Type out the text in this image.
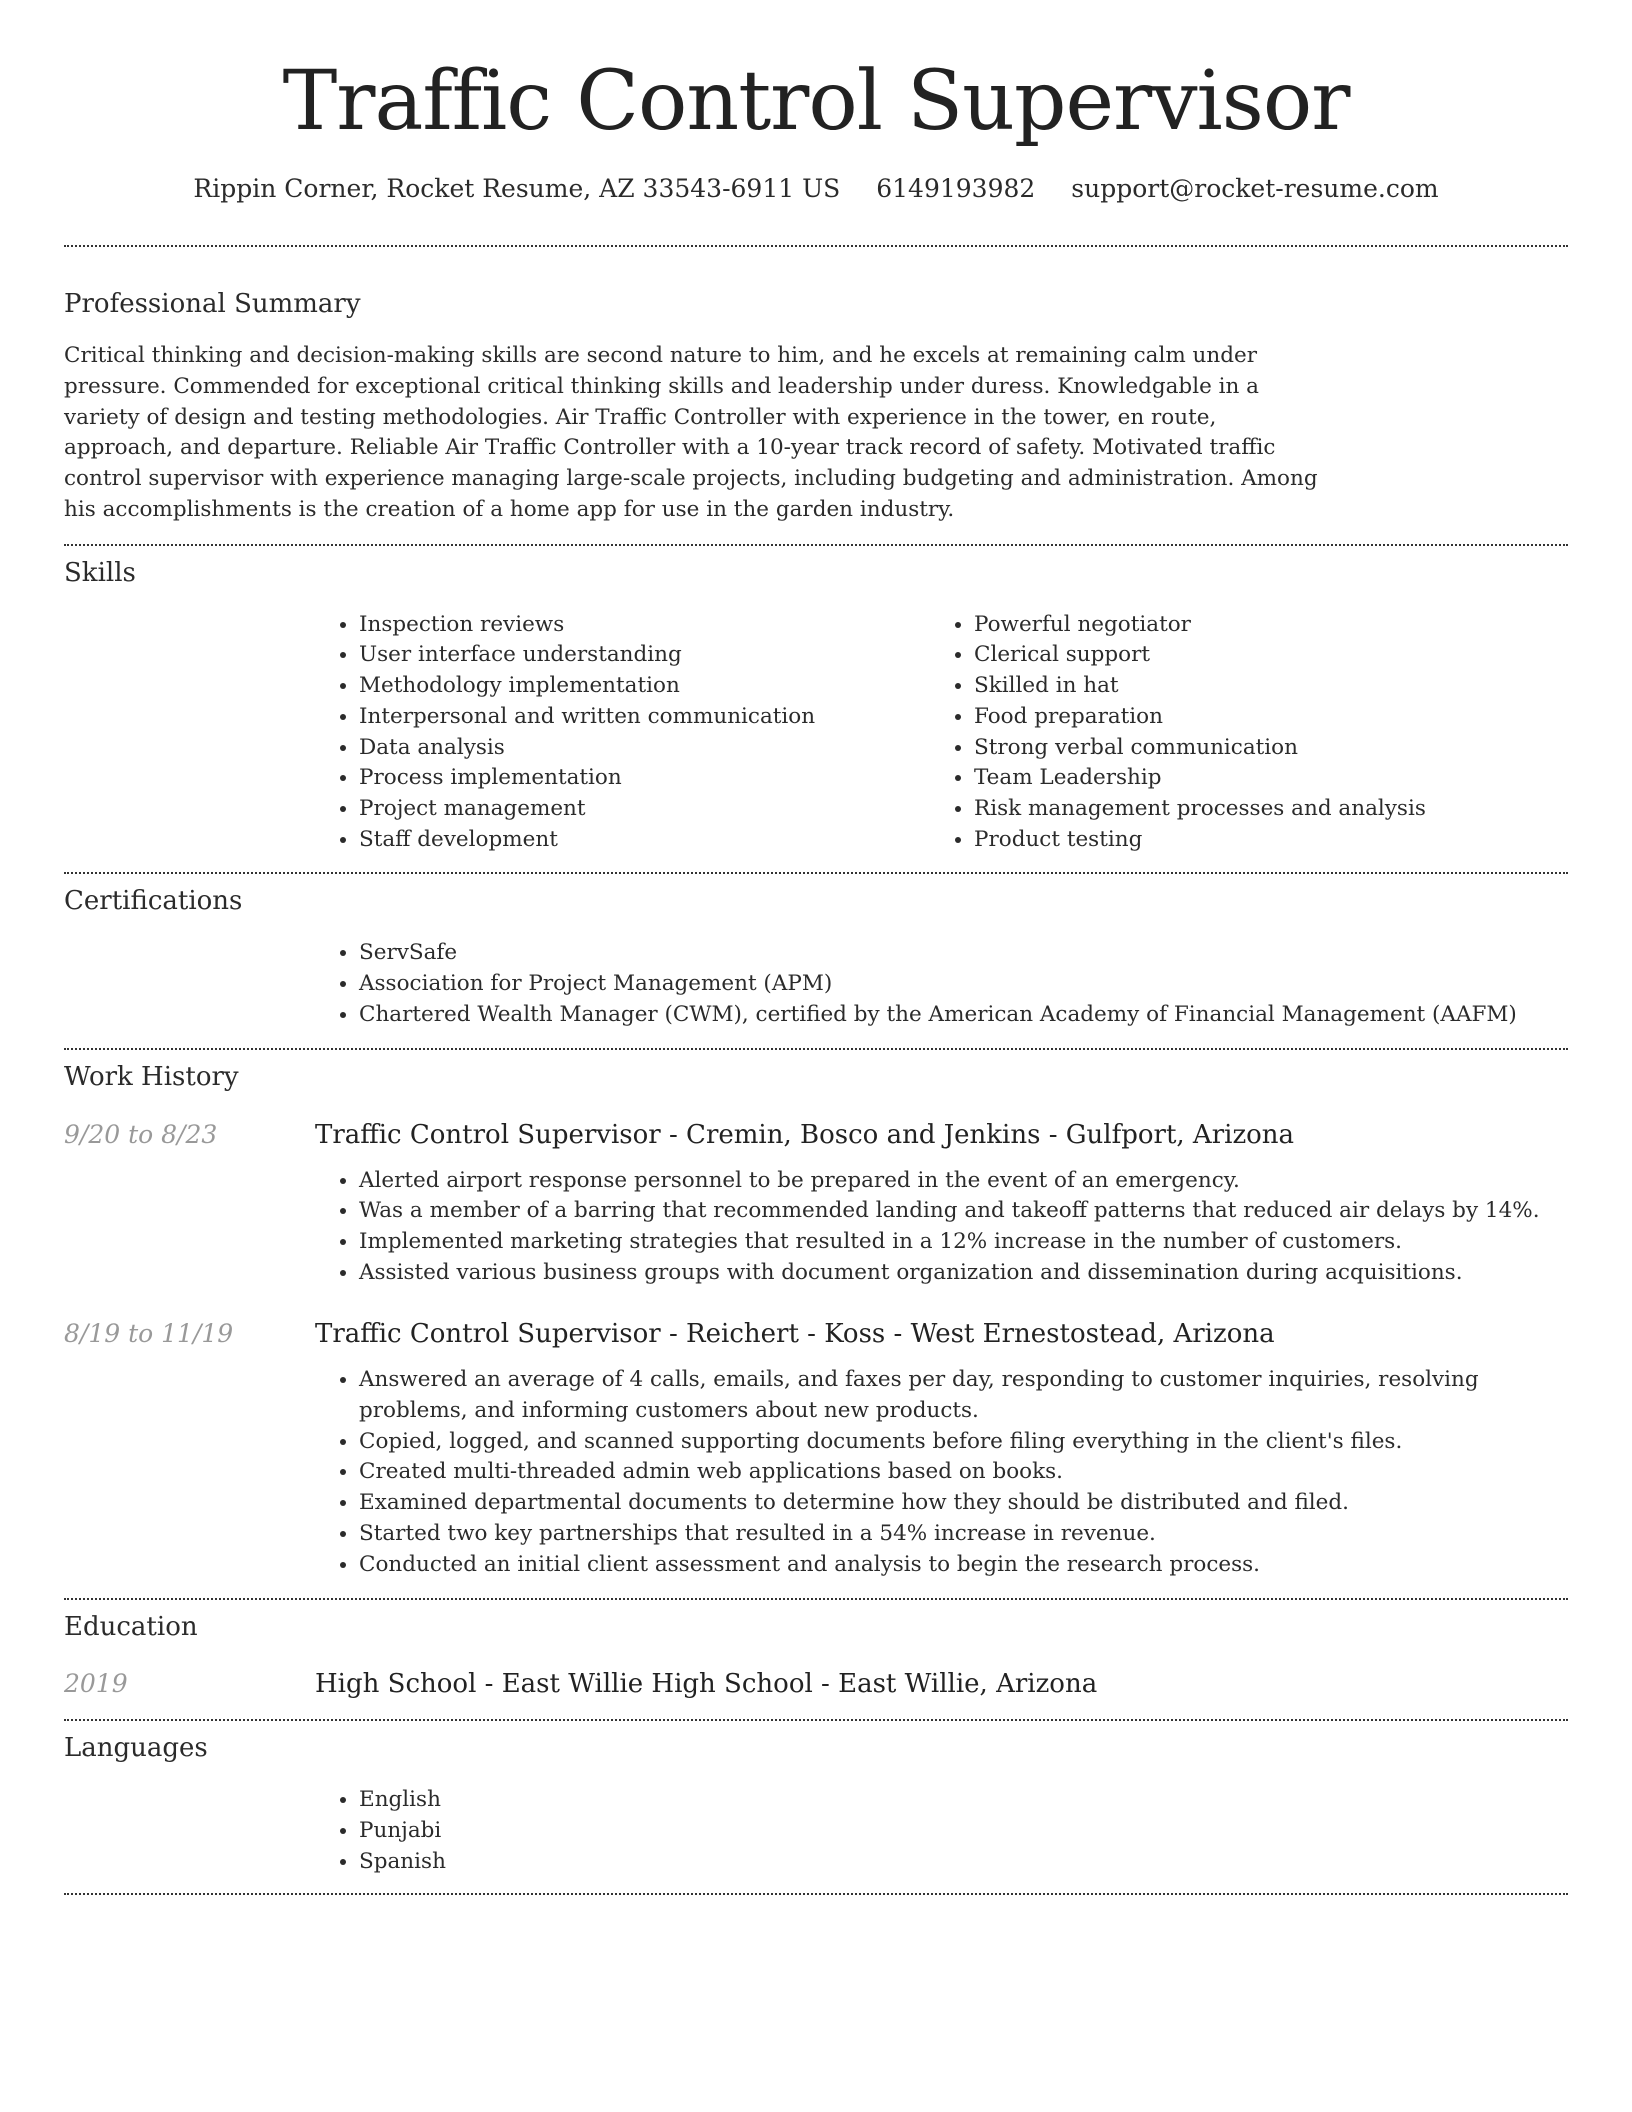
Traffic Control Supervisor
Rippin Corner, Rocket Resume, AZ 33543-6911 US 6149193982 support@rocket-resume.com
Professional Summary

Critical thinking and decision-making skills are second nature to him, and he excels at remaining calm under pressure. Commended for exceptional critical thinking skills and leadership under duress. Knowledgable in a variety of design and testing methodologies. Air Traffic Controller with experience in the tower, en route, approach, and departure. Reliable Air Traffic Controller with a 10-year track record of safety. Motivated traffic control supervisor with experience managing large-scale projects, including budgeting and administration. Among his accomplishments is the creation of a home app for use in the garden industry.

Skills
• Inspection reviews
• User interface understanding
• Methodology implementation
• Interpersonal and written communication
• Data analysis
• Process implementation
• Project management
• Staff development
• Powerful negotiator
• Clerical support
• Skilled in hat
• Food preparation
• Strong verbal communication
• Team Leadership
• Risk management processes and analysis
• Product testing
Certifications
• ServSafe
• Association for Project Management (APM)
• Chartered Wealth Manager (CWM), certified by the American Academy of Financial Management (AAFM)
Work History
9/20 to 8/23	Traffic Control Supervisor - Cremin, Bosco and Jenkins - Gulfport, Arizona
• Alerted airport response personnel to be prepared in the event of an emergency.
• Was a member of a barring that recommended landing and takeoff patterns that reduced air delays by 14%.
• Implemented marketing strategies that resulted in a 12% increase in the number of customers.
• Assisted various business groups with document organization and dissemination during acquisitions.
8/19 to 11/19	Traffic Control Supervisor - Reichert - Koss - West Ernestostead, Arizona
• Answered an average of 4 calls, emails, and faxes per day, responding to customer inquiries, resolving problems, and informing customers about new products.
• Copied, logged, and scanned supporting documents before filing everything in the client's files.
• Created multi-threaded admin web applications based on books.
• Examined departmental documents to determine how they should be distributed and filed.
• Started two key partnerships that resulted in a 54% increase in revenue.
• Conducted an initial client assessment and analysis to begin the research process.
Education
2019	High School - East Willie High School - East Willie, Arizona
Languages
• English
• Punjabi
• Spanish
